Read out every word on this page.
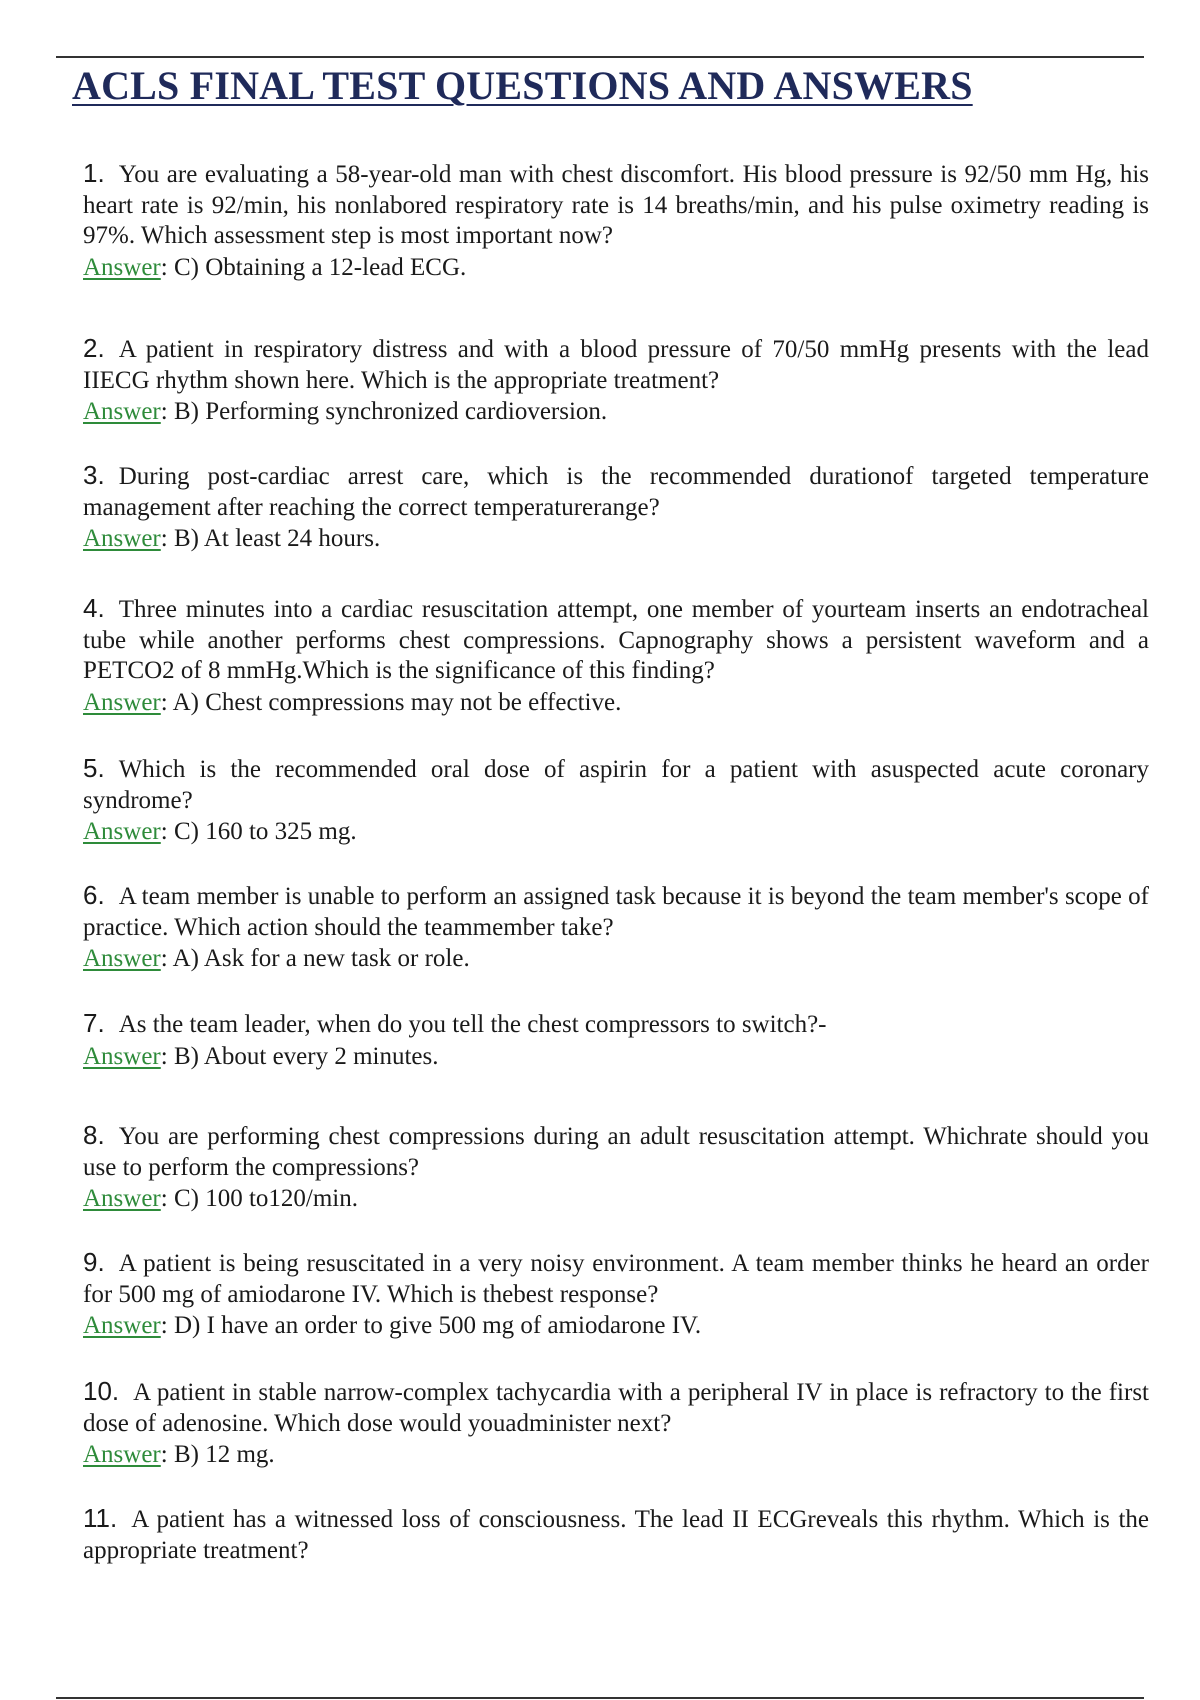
ACLS FINAL TEST QUESTIONS AND ANSWERS
1. You are evaluating a 58-year-old man with chest discomfort. His blood pressure is 92/50 mm Hg, his heart rate is 92/min, his nonlabored respiratory rate is 14 breaths/min, and his pulse oximetry reading is 97%. Which assessment step is most important now?
Answer: C) Obtaining a 12-lead ECG.
2. A patient in respiratory distress and with a blood pressure of 70/50 mmHg presents with the lead IIECG rhythm shown here. Which is the appropriate treatment?
Answer: B) Performing synchronized cardioversion.
3. During post-cardiac arrest care, which is the recommended durationof targeted temperature management after reaching the correct temperaturerange?
Answer: B) At least 24 hours.
4. Three minutes into a cardiac resuscitation attempt, one member of yourteam inserts an endotracheal tube while another performs chest compressions. Capnography shows a persistent waveform and a PETCO2 of 8 mmHg.Which is the significance of this finding?
Answer: A) Chest compressions may not be effective.
5. Which is the recommended oral dose of aspirin for a patient with asuspected acute coronary syndrome?
Answer: C) 160 to 325 mg.
6. A team member is unable to perform an assigned task because it is beyond the team member's scope of practice. Which action should the teammember take?
Answer: A) Ask for a new task or role.
7. As the team leader, when do you tell the chest compressors to switch?-
Answer: B) About every 2 minutes.
8. You are performing chest compressions during an adult resuscitation attempt. Whichrate should you use to perform the compressions?
Answer: C) 100 to120/min.
9. A patient is being resuscitated in a very noisy environment. A team member thinks he heard an order for 500 mg of amiodarone IV. Which is thebest response?
Answer: D) I have an order to give 500 mg of amiodarone IV.
10. A patient in stable narrow-complex tachycardia with a peripheral IV in place is refractory to the first dose of adenosine. Which dose would youadminister next?
Answer: B) 12 mg.
11. A patient has a witnessed loss of consciousness. The lead II ECGreveals this rhythm. Which is the appropriate treatment?
